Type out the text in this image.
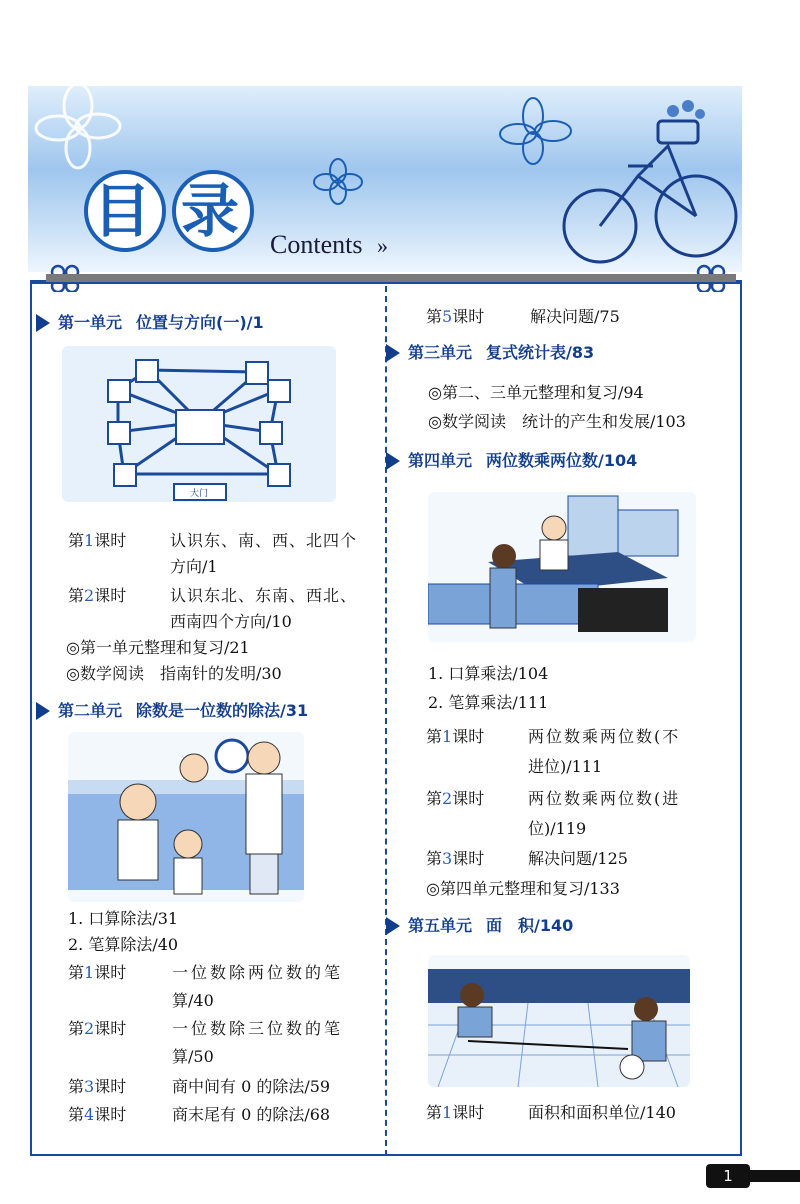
目 录 Contents »
第一单元 位置与方向(一)/1
大门
第1课时	认识东、南、西、北四个
方向/1
第2课时	认识东北、东南、西北、
西南四个方向/10
◎第一单元整理和复习/21
◎数学阅读　指南针的发明/30
第二单元 除数是一位数的除法/31
1. 口算除法/31
2. 笔算除法/40
第1课时	一位数除两位数的笔
算/40
第2课时	一位数除三位数的笔
算/50
第3课时	商中间有 0 的除法/59
第4课时	商末尾有 0 的除法/68
第5课时	解决问题/75
第三单元 复式统计表/83
◎第二、三单元整理和复习/94
◎数学阅读　统计的产生和发展/103
第四单元 两位数乘两位数/104
1. 口算乘法/104
2. 笔算乘法/111
第1课时	两位数乘两位数(不
进位)/111
第2课时	两位数乘两位数(进
位)/119
第3课时	解决问题/125
◎第四单元整理和复习/133
第五单元 面　积/140
第1课时	面积和面积单位/140
1
